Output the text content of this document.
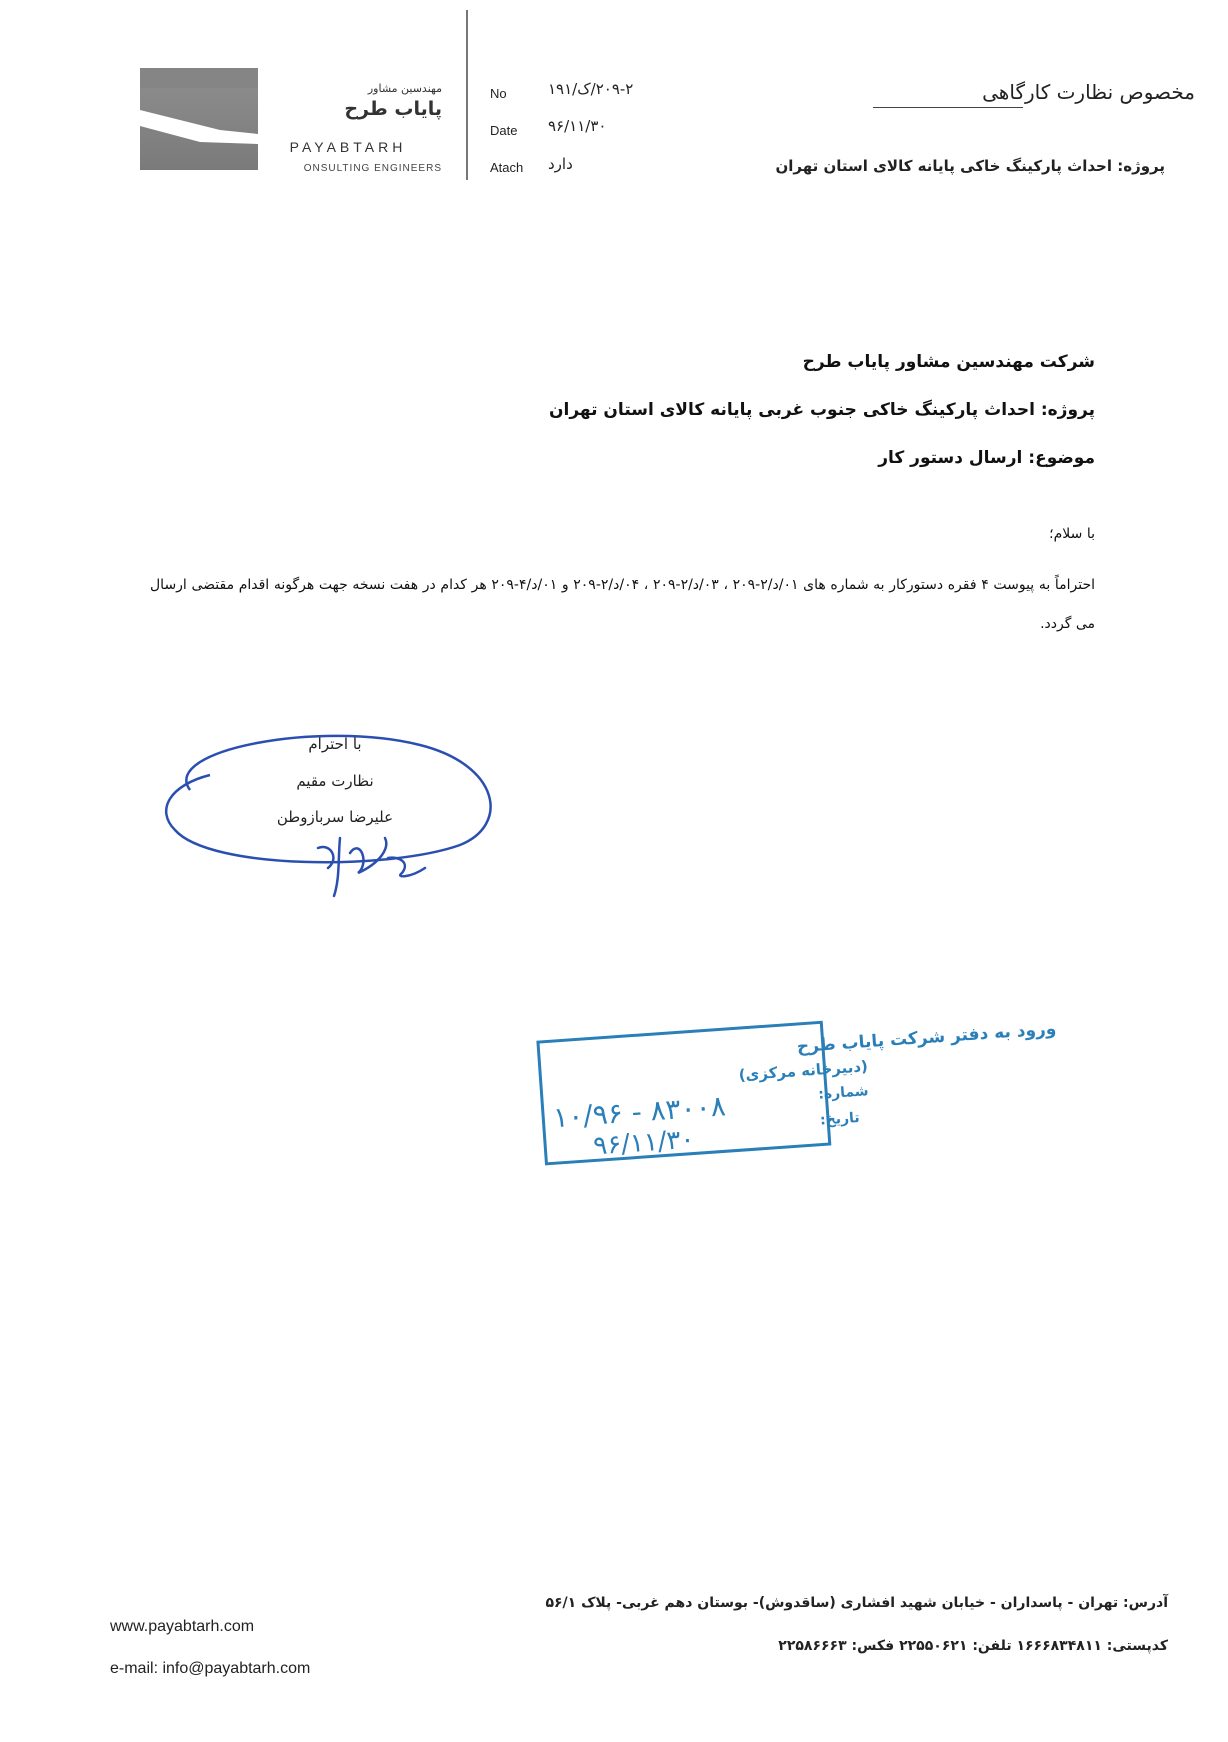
مهندسین مشاور
پایاب طرح
PAYABTARH
ONSULTING ENGINEERS
No	۲۰۹-۲/ک/۱۹۱
Date ۹۶/۱۱/۳۰
Atach دارد
مخصوص نظارت کارگاهی
پروژه: احداث پارکینگ خاکی پایانه کالای استان تهران
شرکت مهندسین مشاور پایاب طرح
پروژه: احداث پارکینگ خاکی جنوب غربی پایانه کالای استان تهران
موضوع: ارسال دستور کار
با سلام؛
احتراماً به پیوست ۴ فقره دستورکار به شماره های ۰۱/د/۲-۲۰۹ ، ۰۳/د/۲-۲۰۹ ، ۰۴/د/۲-۲۰۹ و ۰۱/د/۴-۲۰۹ هر کدام در هفت نسخه جهت هرگونه اقدام مقتضی ارسال می گردد.
با احترام
نظارت مقیم
علیرضا سربازوطن
ورود به دفتر شرکت پایاب طرح
(دبیرخانه مرکزی)
شماره:
تاریخ:
۱۰/۹۶ - ۸۳۰۰۸
۹۶/۱۱/۳۰
www.payabtarh.com
e-mail: info@payabtarh.com
آدرس: تهران - پاسداران - خیابان شهید افشاری (ساقدوش)- بوستان دهم غربی- پلاک ۵۶/۱
کدپستی: ۱۶۶۶۸۳۴۸۱۱ تلفن: ۲۲۵۵۰۶۲۱ فکس: ۲۲۵۸۶۶۶۳
